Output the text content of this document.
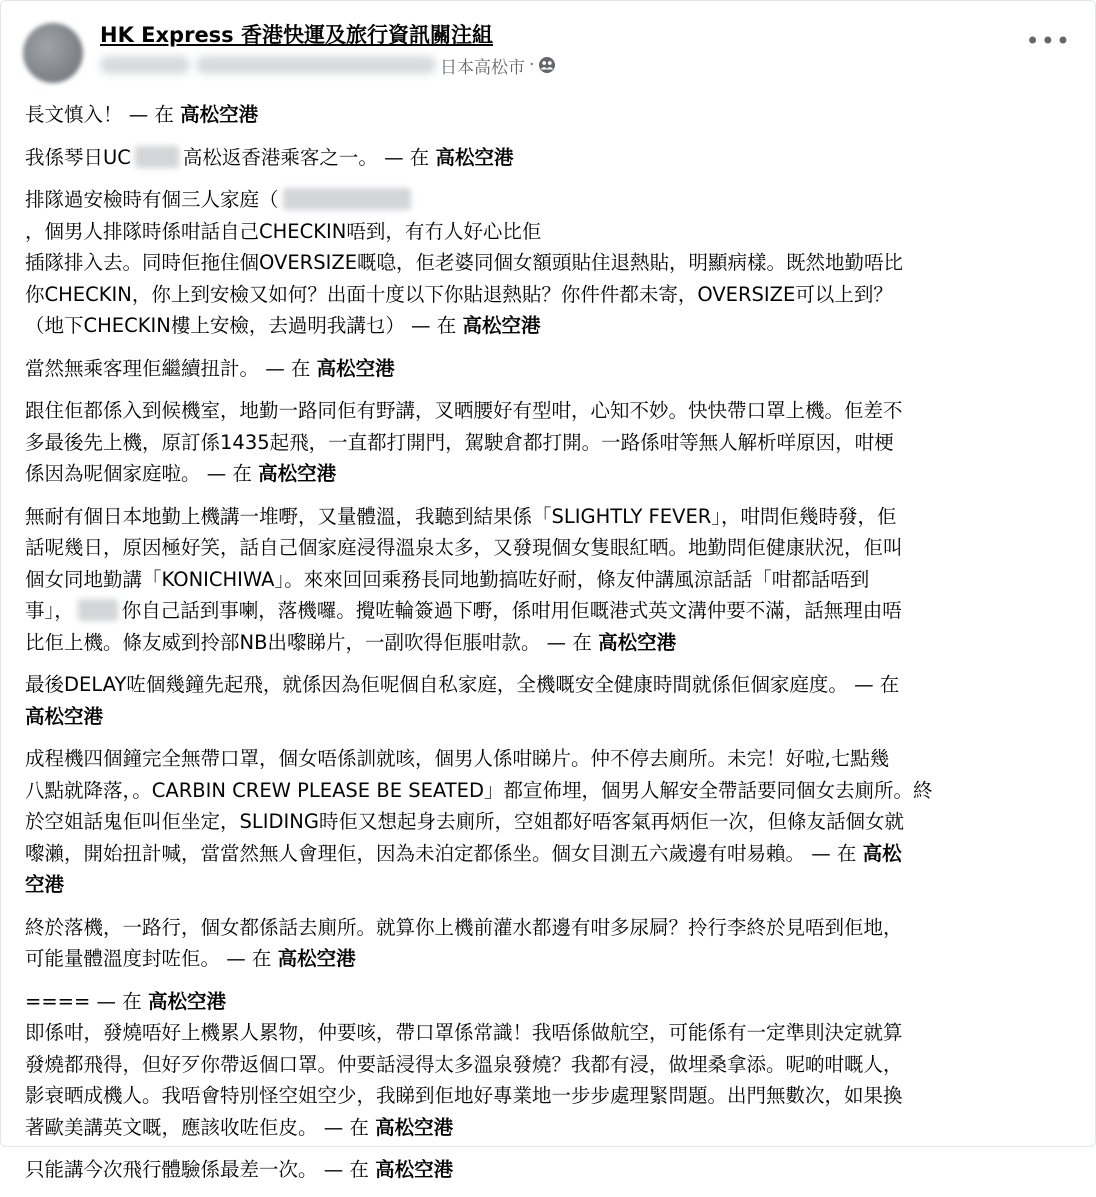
HK Express 香港快運及旅行資訊關注組
日本高松市 ·
•••
長文慎入！ — 在 高松空港
我係琴日UC	高松返香港乘客之一。 — 在 高松空港
排隊過安檢時有個三人家庭（
，個男人排隊時係咁話自己CHECKIN唔到，有冇人好心比佢
插隊排入去。同時佢拖住個OVERSIZE嘅喼，佢老婆同個女額頭貼住退熱貼，明顯病樣。既然地勤唔比
你CHECKIN，你上到安檢又如何？出面十度以下你貼退熱貼？你件件都未寄，OVERSIZE可以上到？
（地下CHECKIN樓上安檢，去過明我講乜） — 在 高松空港
當然無乘客理佢繼續扭計。 — 在 高松空港
跟住佢都係入到候機室，地勤一路同佢有野講，叉晒腰好有型咁，心知不妙。快快帶口罩上機。佢差不
多最後先上機，原訂係1435起飛，一直都打開門，駕駛倉都打開。一路係咁等無人解析咩原因，咁梗
係因為呢個家庭啦。 — 在 高松空港
無耐有個日本地勤上機講一堆嘢，又量體溫，我聽到結果係「SLIGHTLY FEVER」，咁問佢幾時發，佢
話呢幾日，原因極好笑，話自己個家庭浸得溫泉太多，又發現個女隻眼紅晒。地勤問佢健康狀況，佢叫
個女同地勤講「KONICHIWA」。來來回回乘務長同地勤搞咗好耐，條友仲講風涼話話「咁都話唔到
事」， 你自己話到事喇，落機囉。攪咗輪簽過下嘢，係咁用佢嘅港式英文溝仲要不滿，話無理由唔
比佢上機。條友威到拎部NB出嚟睇片，一副吹得佢脹咁款。 — 在 高松空港
最後DELAY咗個幾鐘先起飛，就係因為佢呢個自私家庭，全機嘅安全健康時間就係佢個家庭度。 — 在
高松空港
成程機四個鐘完全無帶口罩，個女唔係訓就咳，個男人係咁睇片。仲不停去廁所。未完！好啦,七點幾
八點就降落，。CARBIN CREW PLEASE BE SEATED」都宣佈埋，個男人解安全帶話要同個女去廁所。終
於空姐話鬼佢叫佢坐定，SLIDING時佢又想起身去廁所，空姐都好唔客氣再炳佢一次，但條友話個女就
嚟瀨，開始扭計喊，當當然無人會理佢，因為未泊定都係坐。個女目測五六歲邊有咁易賴。 — 在 高松
空港
終於落機，一路行，個女都係話去廁所。就算你上機前灌水都邊有咁多尿屙？拎行李終於見唔到佢地，
可能量體溫度封咗佢。 — 在 高松空港
==== — 在 高松空港
即係咁，發燒唔好上機累人累物，仲要咳，帶口罩係常識！我唔係做航空，可能係有一定準則決定就算
發燒都飛得，但好歹你帶返個口罩。仲要話浸得太多溫泉發燒？我都有浸，做埋桑拿添。呢啲咁嘅人，
影衰晒成機人。我唔會特別怪空姐空少，我睇到佢地好專業地一步步處理緊問題。出門無數次，如果換
著歐美講英文嘅，應該收咗佢皮。 — 在 高松空港
只能講今次飛行體驗係最差一次。 — 在 高松空港
